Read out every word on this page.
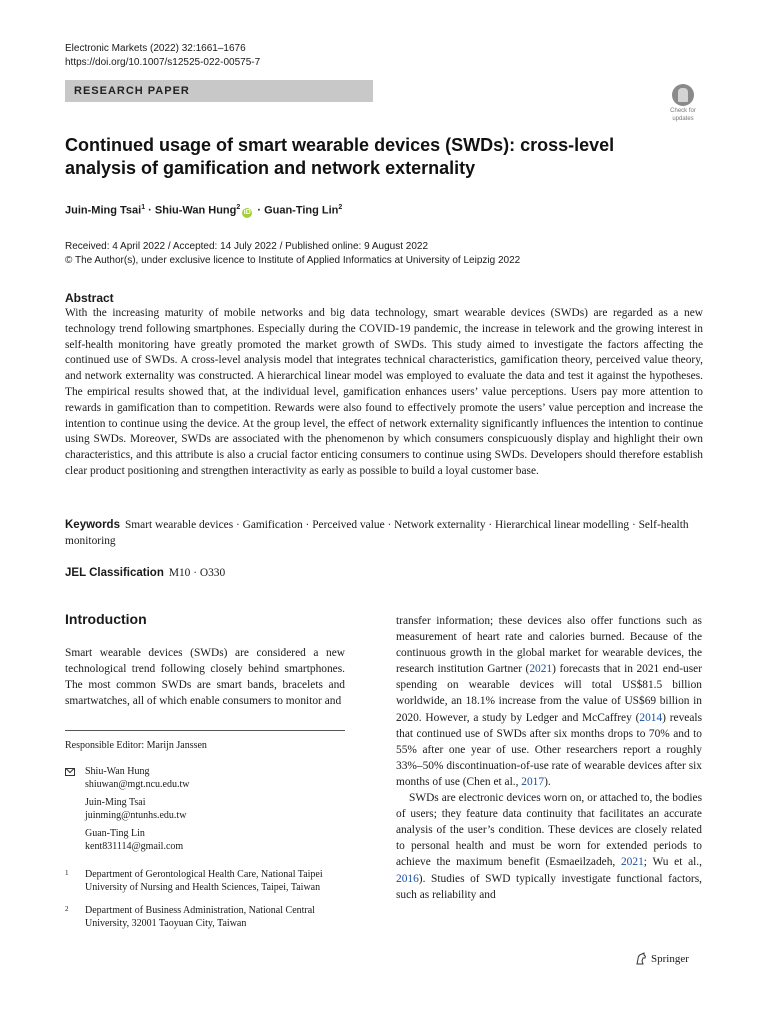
Electronic Markets (2022) 32:1661–1676
https://doi.org/10.1007/s12525-022-00575-7
RESEARCH PAPER
Check for
updates
Continued usage of smart wearable devices (SWDs): cross-level analysis of gamification and network externality
Juin-Ming Tsai$^1$ · Shiu-Wan Hung$^2$iD · Guan-Ting Lin$^2$
Received: 4 April 2022 / Accepted: 14 July 2022 / Published online: 9 August 2022
© The Author(s), under exclusive licence to Institute of Applied Informatics at University of Leipzig 2022
Abstract

With the increasing maturity of mobile networks and big data technology, smart wearable devices (SWDs) are regarded as a new technology trend following smartphones. Especially during the COVID-19 pandemic, the increase in telework and the growing interest in self-health monitoring have greatly promoted the market growth of SWDs. This study aimed to investigate the factors affecting the continued use of SWDs. A cross-level analysis model that integrates technical characteristics, gamification theory, perceived value theory, and network externality was constructed. A hierarchical linear model was employed to evaluate the data and test it against the hypotheses. The empirical results showed that, at the individual level, gamification enhances users’ value perceptions. Users pay more attention to rewards in gamification than to competition. Rewards were also found to effectively promote the users’ value perception and increase the intention to continue using the device. At the group level, the effect of network externality significantly influences the intention to continue using SWDs. Moreover, SWDs are associated with the phenomenon by which consumers conspicuously display and highlight their own characteristics, and this attribute is also a crucial factor enticing consumers to continue using SWDs. Developers should therefore establish clear product positioning and strengthen interactivity as early as possible to build a loyal customer base.

Keywords Smart wearable devices · Gamification · Perceived value · Network externality · Hierarchical linear modelling · Self-health monitoring
JEL Classification M10 · O330
Introduction

Smart wearable devices (SWDs) are considered a new technological trend following closely behind smartphones. The most common SWDs are smart bands, bracelets and smartwatches, all of which enable consumers to monitor and

transfer information; these devices also offer functions such as measurement of heart rate and calories burned. Because of the continuous growth in the global market for wearable devices, the research institution Gartner (2021) forecasts that in 2021 end-user spending on wearable devices will total US$81.5 billion worldwide, an 18.1% increase from the value of US$69 billion in 2020. However, a study by Ledger and McCaffrey (2014) reveals that continued use of SWDs after six months drops to 70% and to 55% after one year of use. Other researchers report a roughly 33%–50% discontinuation-of-use rate of wearable devices after six months of use (Chen et al., 2017).

SWDs are electronic devices worn on, or attached to, the bodies of users; they feature data continuity that facilitates an accurate analysis of the user’s condition. These devices are closely related to personal health and must be worn for extended periods to achieve the maximum benefit (Esmaeilzadeh, 2021; Wu et al., 2016). Studies of SWD typically investigate functional factors, such as reliability and

Responsible Editor: Marijn Janssen
Shiu-Wan Hung
shiuwan@mgt.ncu.edu.tw
Juin-Ming Tsai
juinming@ntunhs.edu.tw
Guan-Ting Lin
kent831114@gmail.com
1 Department of Gerontological Health Care, National Taipei University of Nursing and Health Sciences, Taipei, Taiwan
2 Department of Business Administration, National Central University, 32001 Taoyuan City, Taiwan
Springer
